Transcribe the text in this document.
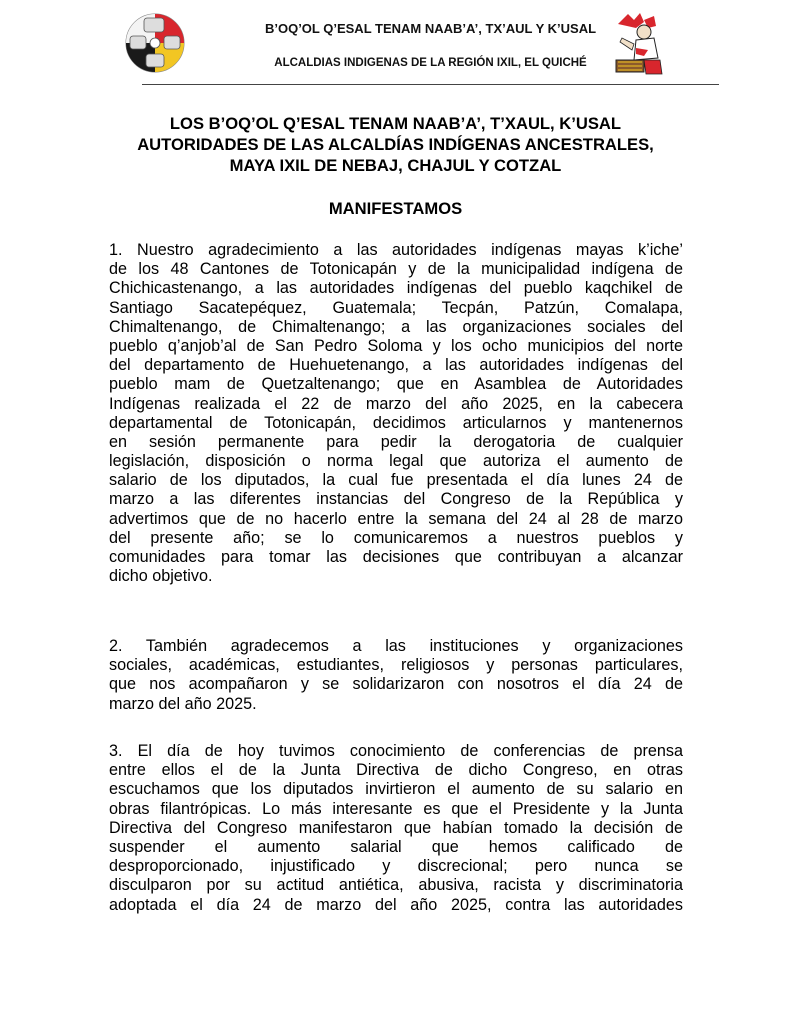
B’OQ’OL Q’ESAL TENAM NAAB’A’, TX’AUL Y K’USAL
ALCALDIAS INDIGENAS DE LA REGIÓN IXIL, EL QUICHÉ
LOS B’OQ’OL Q’ESAL TENAM NAAB’A’, T’XAUL, K’USAL
AUTORIDADES DE LAS ALCALDÍAS INDÍGENAS ANCESTRALES,
MAYA IXIL DE NEBAJ, CHAJUL Y COTZAL
MANIFESTAMOS
1. Nuestro agradecimiento a las autoridades indígenas mayas k’iche’
de los 48 Cantones de Totonicapán y de la municipalidad indígena de
Chichicastenango, a las autoridades indígenas del pueblo kaqchikel de
Santiago Sacatepéquez, Guatemala; Tecpán, Patzún, Comalapa,
Chimaltenango, de Chimaltenango; a las organizaciones sociales del
pueblo q’anjob’al de San Pedro Soloma y los ocho municipios del norte
del departamento de Huehuetenango, a las autoridades indígenas del
pueblo mam de Quetzaltenango; que en Asamblea de Autoridades
Indígenas realizada el 22 de marzo del año 2025, en la cabecera
departamental de Totonicapán, decidimos articularnos y mantenernos
en sesión permanente para pedir la derogatoria de cualquier
legislación, disposición o norma legal que autoriza el aumento de
salario de los diputados, la cual fue presentada el día lunes 24 de
marzo a las diferentes instancias del Congreso de la República y
advertimos que de no hacerlo entre la semana del 24 al 28 de marzo
del presente año; se lo comunicaremos a nuestros pueblos y
comunidades para tomar las decisiones que contribuyan a alcanzar
dicho objetivo.
2. También agradecemos a las instituciones y organizaciones
sociales, académicas, estudiantes, religiosos y personas particulares,
que nos acompañaron y se solidarizaron con nosotros el día 24 de
marzo del año 2025.
3. El día de hoy tuvimos conocimiento de conferencias de prensa
entre ellos el de la Junta Directiva de dicho Congreso, en otras
escuchamos que los diputados invirtieron el aumento de su salario en
obras filantrópicas. Lo más interesante es que el Presidente y la Junta
Directiva del Congreso manifestaron que habían tomado la decisión de
suspender el aumento salarial que hemos calificado de
desproporcionado, injustificado y discrecional; pero nunca se
disculparon por su actitud antiética, abusiva, racista y discriminatoria
adoptada el día 24 de marzo del año 2025, contra las autoridades
